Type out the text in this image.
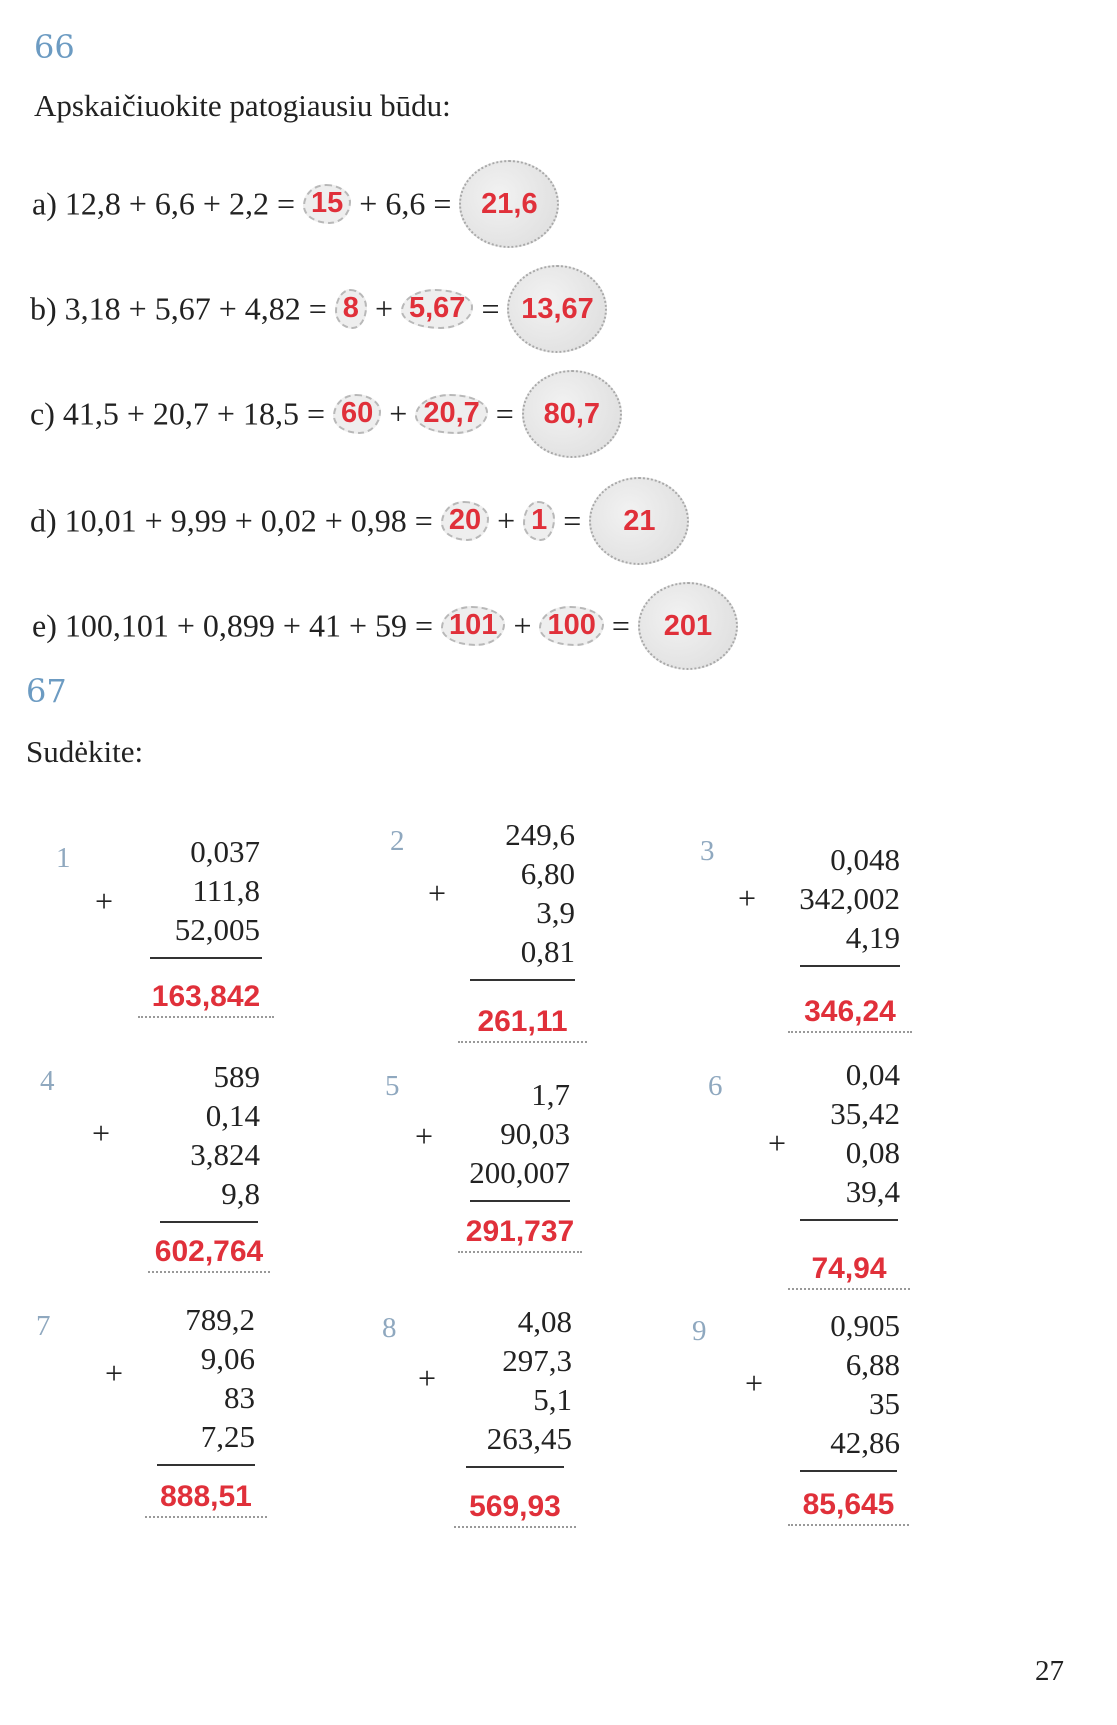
66
Apskaičiuokite patogiausiu būdu:
a) 12,8 + 6,6 + 2,2 = 15 + 6,6 = 21,6
b) 3,18 + 5,67 + 4,82 = 8 + 5,67 = 13,67
c) 41,5 + 20,7 + 18,5 = 60 + 20,7 = 80,7
d) 10,01 + 9,99 + 0,02 + 0,98 = 20 + 1 = 21
e) 100,101 + 0,899 + 41 + 59 = 101 + 100 = 201
67
Sudėkite:
1
+
0,037
111,8
52,005
163,842
2
+
249,6
6,80
3,9
0,81
261,11
3
+
0,048
342,002
4,19
346,24
4
+
589
0,14
3,824
9,8
602,764
5
+
1,7
90,03
200,007
291,737
6
+
0,04
35,42
0,08
39,4
74,94
7
+
789,2
9,06
83
7,25
888,51
8
+
4,08
297,3
5,1
263,45
569,93
9
+
0,905
6,88
35
42,86
85,645
27
